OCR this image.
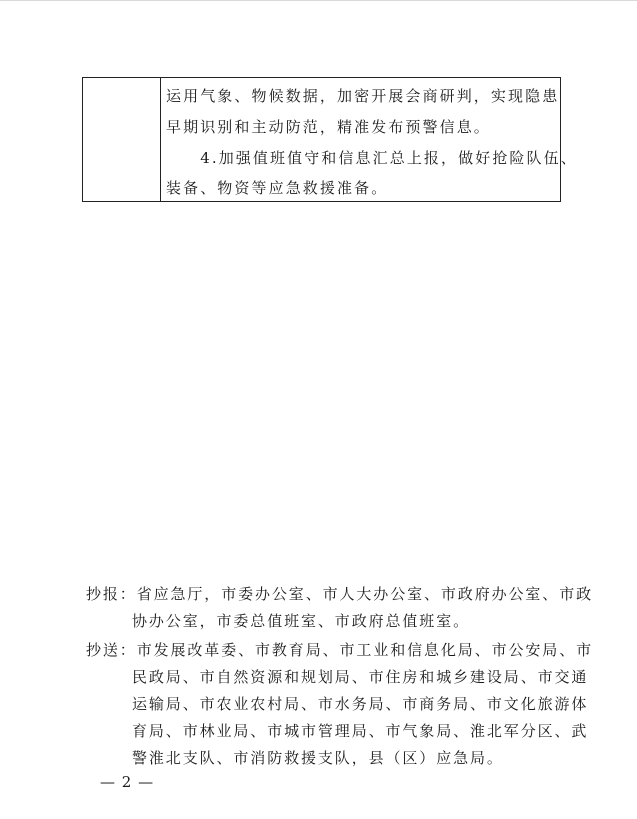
运用气象、物候数据，加密开展会商研判，实现隐患
早期识别和主动防范，精准发布预警信息。
　　4.加强值班值守和信息汇总上报，做好抢险队伍、
装备、物资等应急救援准备。
抄报：省应急厅，市委办公室、市人大办公室、市政府办公室、市政
协办公室，市委总值班室、市政府总值班室。
抄送：市发展改革委、市教育局、市工业和信息化局、市公安局、市
民政局、市自然资源和规划局、市住房和城乡建设局、市交通
运输局、市农业农村局、市水务局、市商务局、市文化旅游体
育局、市林业局、市城市管理局、市气象局、淮北军分区、武
警淮北支队、市消防救援支队，县（区）应急局。
— 2 —
